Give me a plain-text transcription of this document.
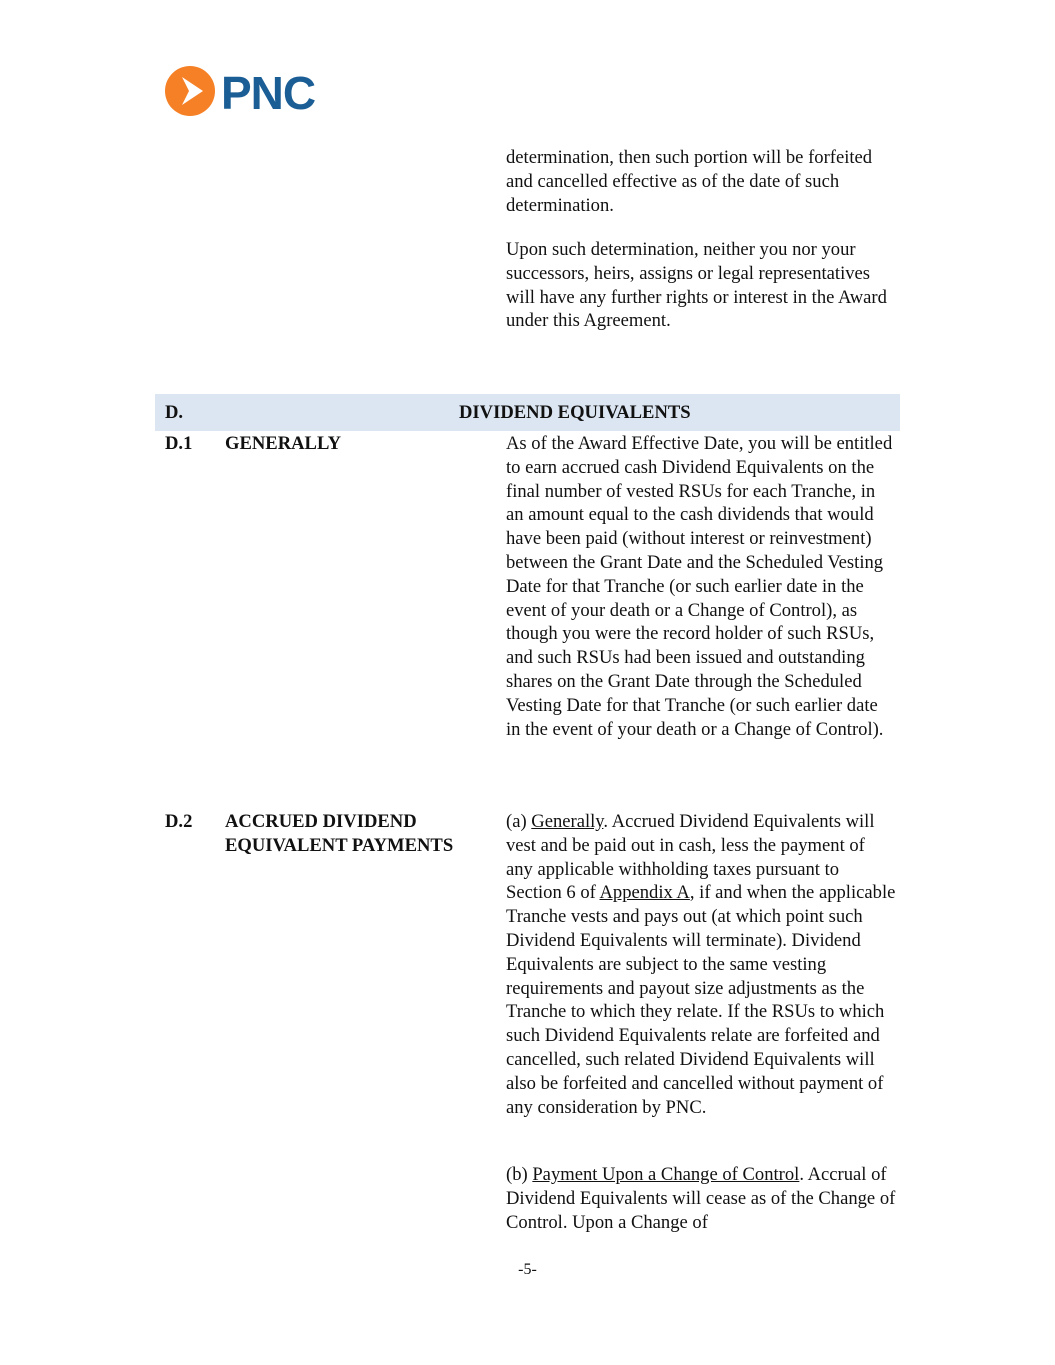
PNC

determination, then such portion will be forfeited and cancelled effective as of the date of such determination.

Upon such determination, neither you nor your successors, heirs, assigns or legal representatives will have any further rights or interest in the Award under this Agreement.

D.	DIVIDEND EQUIVALENTS
D.1 GENERALLY	As of the Award Effective Date, you will be entitled to earn accrued cash Dividend Equivalents on the final number of vested RSUs for each Tranche, in an amount equal to the cash dividends that would have been paid (without interest or reinvestment) between the Grant Date and the Scheduled Vesting Date for that Tranche (or such earlier date in the event of your death or a Change of Control), as though you were the record holder of such RSUs, and such RSUs had been issued and outstanding shares on the Grant Date through the Scheduled Vesting Date for that Tranche (or such earlier date in the event of your death or a Change of Control).

D.2 ACCRUED DIVIDEND
EQUIVALENT PAYMENTS

(a) Generally. Accrued Dividend Equivalents will vest and be paid out in cash, less the payment of any applicable withholding taxes pursuant to Section 6 of Appendix A, if and when the applicable Tranche vests and pays out (at which point such Dividend Equivalents will terminate). Dividend Equivalents are subject to the same vesting requirements and payout size adjustments as the Tranche to which they relate. If the RSUs to which such Dividend Equivalents relate are forfeited and cancelled, such related Dividend Equivalents will also be forfeited and cancelled without payment of any consideration by PNC.

(b) Payment Upon a Change of Control. Accrual of Dividend Equivalents will cease as of the Change of Control. Upon a Change of

-5-
